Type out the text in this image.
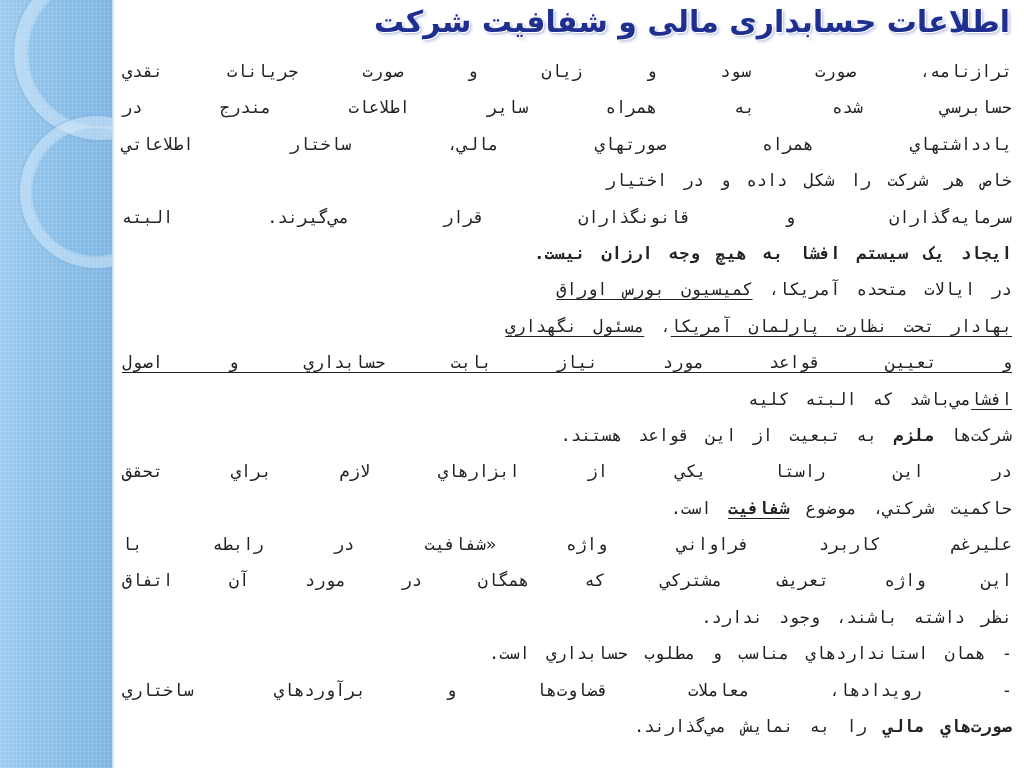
اطلاعات حسابداری مالی و شفافیت شرکت
ترازنامه، صورت سود و زیان و صورت جریانات نقدي
حسابرسي شده به همراه ساير اطلاعات مندرج در
يادداشتهاي همراه صورتهاي مالي، ساختار اطلاعاتي
خاص هر شركت را شكل داده و در اختيار
سرمايه‌گذاران و قانونگذاران قرار مي‌گيرند. البته
ايجاد يک سيستم افشا به هيچ وجه ارزان نيست.
در ایالات متحده آمریکا، کمیسیون بورس اوراق
بهادار تحت نظارت پارلمان آمریکا، مسئول نگهداري
و تعيين قواعد مورد نياز بابت حسابداري و اصول
افشامي‌باشد که البته کليه
شرکت‌ها ملزم به تبعيت از اين قواعد هستند.
در اين راستا يکي از ابزارهاي لازم براي تحقق
حاکميت شرکتي، موضوع شفافيت است.
عليرغم کاربرد فراواني واژه «شفافيت در رابطه با
اين واژه تعريف مشترکي که همگان در مورد آن اتفاق
نظر داشته باشند، وجود ندارد.
- همان استانداردهاي مناسب و مطلوب حسابداري است.
- رويدادها، معاملات قضاوت‌ها و برآوردهاي ساختاري
صورت‌هاي مالي را به نمايش مي‌گذارند.
